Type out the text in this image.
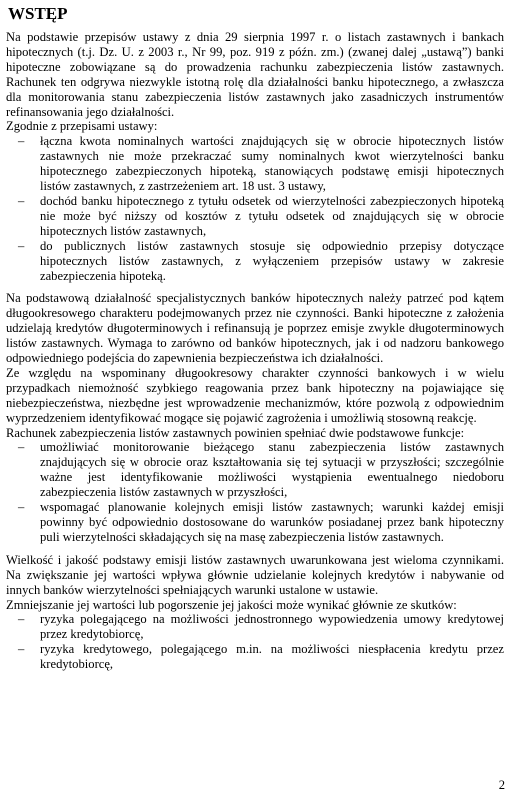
WSTĘP

Na podstawie przepisów ustawy z dnia 29 sierpnia 1997 r. o listach zastawnych i bankach hipotecznych (t.j. Dz. U. z 2003 r., Nr 99, poz. 919 z późn. zm.) (zwanej dalej „ustawą”) banki hipoteczne zobowiązane są do prowadzenia rachunku zabezpieczenia listów zastawnych. Rachunek ten odgrywa niezwykle istotną rolę dla działalności banku hipotecznego, a zwłaszcza dla monitorowania stanu zabezpieczenia listów zastawnych jako zasadniczych instrumentów refinansowania jego działalności.

Zgodnie z przepisami ustawy:

– łączna kwota nominalnych wartości znajdujących się w obrocie hipotecznych listów zastawnych nie może przekraczać sumy nominalnych kwot wierzytelności banku hipotecznego zabezpieczonych hipoteką, stanowiących podstawę emisji hipotecznych listów zastawnych, z zastrzeżeniem art. 18 ust. 3 ustawy,
– dochód banku hipotecznego z tytułu odsetek od wierzytelności zabezpieczonych hipoteką nie może być niższy od kosztów z tytułu odsetek od znajdujących się w obrocie hipotecznych listów zastawnych,
– do publicznych listów zastawnych stosuje się odpowiednio przepisy dotyczące hipotecznych listów zastawnych, z wyłączeniem przepisów ustawy w zakresie zabezpieczenia hipoteką.

Na podstawową działalność specjalistycznych banków hipotecznych należy patrzeć pod kątem długookresowego charakteru podejmowanych przez nie czynności. Banki hipoteczne z założenia udzielają kredytów długoterminowych i refinansują je poprzez emisje zwykle długoterminowych listów zastawnych. Wymaga to zarówno od banków hipotecznych, jak i od nadzoru bankowego odpowiedniego podejścia do zapewnienia bezpieczeństwa ich działalności.

Ze względu na wspominany długookresowy charakter czynności bankowych i w wielu przypadkach niemożność szybkiego reagowania przez bank hipoteczny na pojawiające się niebezpieczeństwa, niezbędne jest wprowadzenie mechanizmów, które pozwolą z odpowiednim wyprzedzeniem identyfikować mogące się pojawić zagrożenia i umożliwią stosowną reakcję.

Rachunek zabezpieczenia listów zastawnych powinien spełniać dwie podstawowe funkcje:

– umożliwiać monitorowanie bieżącego stanu zabezpieczenia listów zastawnych znajdujących się w obrocie oraz kształtowania się tej sytuacji w przyszłości; szczególnie ważne jest identyfikowanie możliwości wystąpienia ewentualnego niedoboru zabezpieczenia listów zastawnych w przyszłości,
– wspomagać planowanie kolejnych emisji listów zastawnych; warunki każdej emisji powinny być odpowiednio dostosowane do warunków posiadanej przez bank hipoteczny puli wierzytelności składających się na masę zabezpieczenia listów zastawnych.

Wielkość i jakość podstawy emisji listów zastawnych uwarunkowana jest wieloma czynnikami. Na zwiększanie jej wartości wpływa głównie udzielanie kolejnych kredytów i nabywanie od innych banków wierzytelności spełniających warunki ustalone w ustawie.

Zmniejszanie jej wartości lub pogorszenie jej jakości może wynikać głównie ze skutków:

– ryzyka polegającego na możliwości jednostronnego wypowiedzenia umowy kredytowej przez kredytobiorcę,
– ryzyka kredytowego, polegającego m.in. na możliwości niespłacenia kredytu przez kredytobiorcę,
2
